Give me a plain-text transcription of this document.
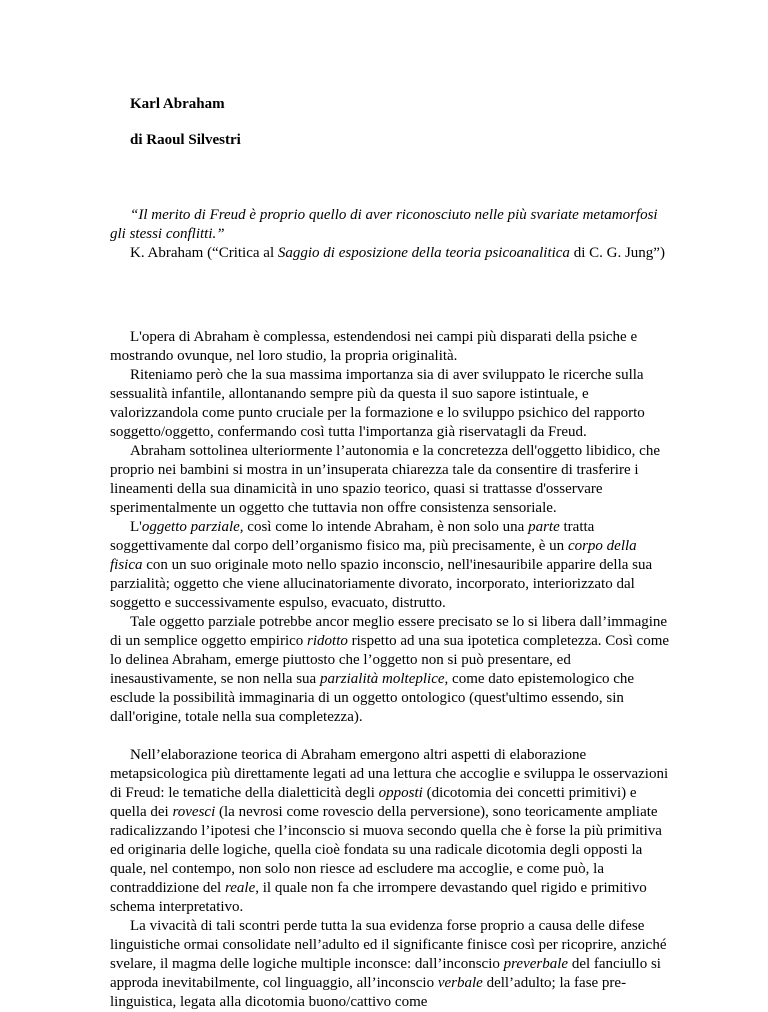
Karl Abraham
di Raoul Silvestri
“Il merito di Freud è proprio quello di aver riconosciuto nelle più svariate metamorfosi gli stessi conflitti.”
K. Abraham (“Critica al Saggio di esposizione della teoria psicoanalitica di C. G. Jung”)

L'opera di Abraham è complessa, estendendosi nei campi più disparati della psiche e mostrando ovunque, nel loro studio, la propria originalità.

Riteniamo però che la sua massima importanza sia di aver sviluppato le ricerche sulla sessualità infantile, allontanando sempre più da questa il suo sapore istintuale, e valorizzandola come punto cruciale per la formazione e lo sviluppo psichico del rapporto soggetto/oggetto, confermando così tutta l'importanza già riservatagli da Freud.

Abraham sottolinea ulteriormente l’autonomia e la concretezza dell'oggetto libidico, che proprio nei bambini si mostra in un’insuperata chiarezza tale da consentire di trasferire i lineamenti della sua dinamicità in uno spazio teorico, quasi si trattasse d'osservare sperimentalmente un oggetto che tuttavia non offre consistenza sensoriale.

L'oggetto parziale, così come lo intende Abraham, è non solo una parte tratta soggettivamente dal corpo dell’organismo fisico ma, più precisamente, è un corpo della fisica con un suo originale moto nello spazio inconscio, nell'inesauribile apparire della sua parzialità; oggetto che viene allucinatoriamente divorato, incorporato, interiorizzato dal soggetto e successivamente espulso, evacuato, distrutto.

Tale oggetto parziale potrebbe ancor meglio essere precisato se lo si libera dall’immagine di un semplice oggetto empirico ridotto rispetto ad una sua ipotetica completezza. Così come lo delinea Abraham, emerge piuttosto che l’oggetto non si può presentare, ed inesaustivamente, se non nella sua parzialità molteplice, come dato epistemologico che esclude la possibilità immaginaria di un oggetto ontologico (quest'ultimo essendo, sin dall'origine, totale nella sua completezza).

Nell’elaborazione teorica di Abraham emergono altri aspetti di elaborazione metapsicologica più direttamente legati ad una lettura che accoglie e sviluppa le osservazioni di Freud: le tematiche della dialetticità degli opposti (dicotomia dei concetti primitivi) e quella dei rovesci (la nevrosi come rovescio della perversione), sono teoricamente ampliate radicalizzando l’ipotesi che l’inconscio si muova secondo quella che è forse la più primitiva ed originaria delle logiche, quella cioè fondata su una radicale dicotomia degli opposti la quale, nel contempo, non solo non riesce ad escludere ma accoglie, e come può, la contraddizione del reale, il quale non fa che irrompere devastando quel rigido e primitivo schema interpretativo.

La vivacità di tali scontri perde tutta la sua evidenza forse proprio a causa delle difese linguistiche ormai consolidate nell’adulto ed il significante finisce così per ricoprire, anziché svelare, il magma delle logiche multiple inconsce: dall’inconscio preverbale del fanciullo si approda inevitabilmente, col linguaggio, all’inconscio verbale dell’adulto; la fase pre-linguistica, legata alla dicotomia buono/cattivo come
